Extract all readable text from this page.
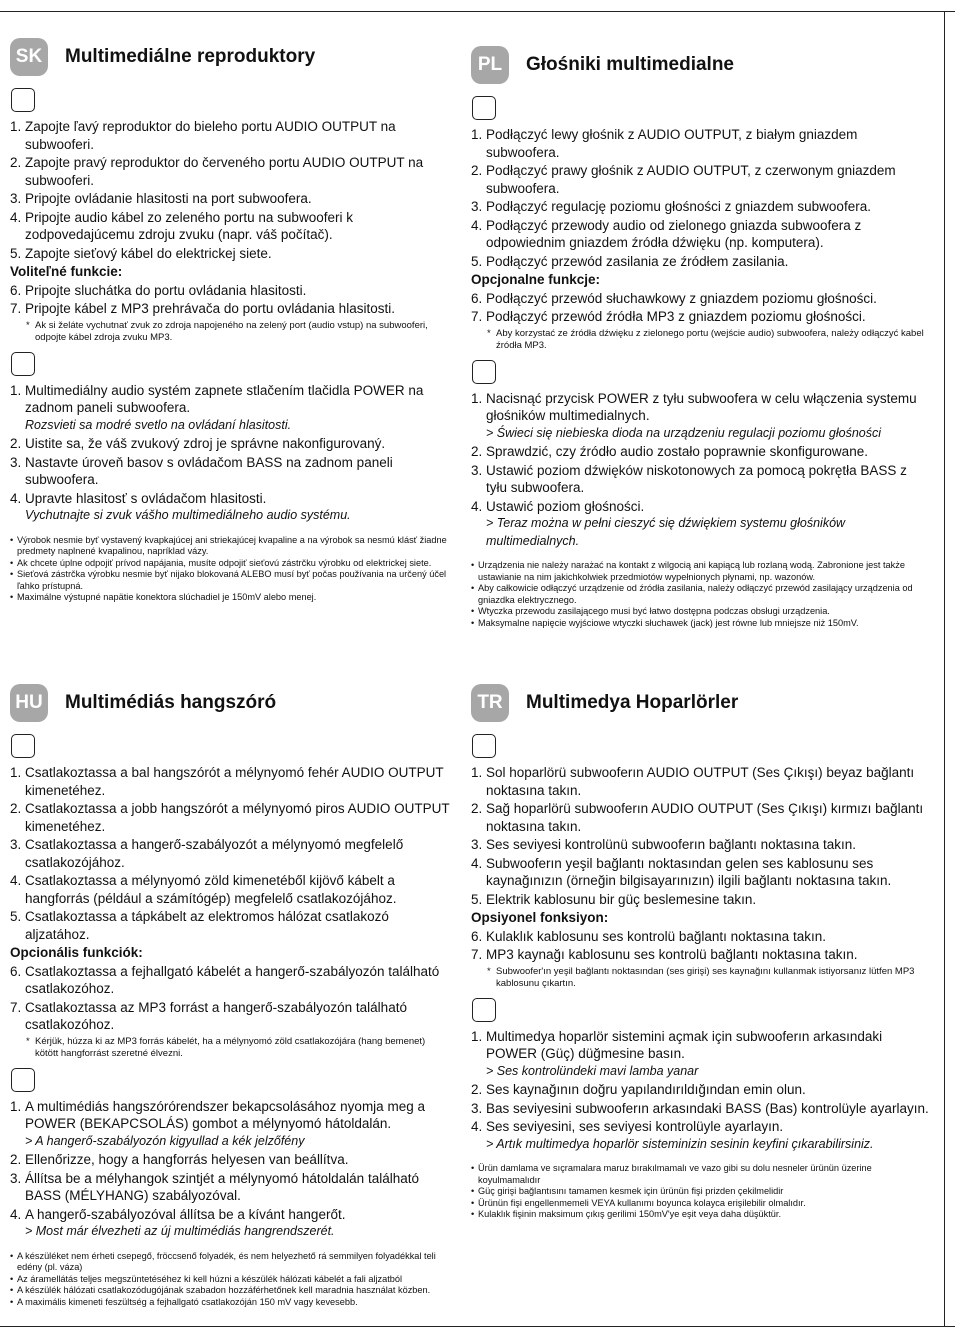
SK	Multimediálne reproduktory
1. Zapojte ľavý reproduktor do bieleho portu AUDIO OUTPUT na subwooferi.
2. Zapojte pravý reproduktor do červeného portu AUDIO OUTPUT na subwooferi.
3. Pripojte ovládanie hlasitosti na port subwoofera.
4. Pripojte audio kábel zo zeleného portu na subwooferi k zodpovedajúcemu zdroju zvuku (napr. váš počítač).
5. Zapojte sieťový kábel do elektrickej siete.
Voliteľné funkcie:
6. Pripojte sluchátka do portu ovládania hlasitosti.
7. Pripojte kábel z MP3 prehrávača do portu ovládania hlasitosti.
* Ak si želáte vychutnať zvuk zo zdroja napojeného na zelený port (audio vstup) na subwooferi, odpojte kábel zdroja zvuku MP3.
1. Multimediálny audio systém zapnete stlačením tlačidla POWER na zadnom paneli subwoofera.
Rozsvieti sa modré svetlo na ovládaní hlasitosti.
2. Uistite sa, že váš zvukový zdroj je správne nakonfigurovaný.
3. Nastavte úroveň basov s ovládačom BASS na zadnom paneli subwoofera.
4. Upravte hlasitosť s ovládačom hlasitosti.
Vychutnajte si zvuk vášho multimediálneho audio systému.
• Výrobok nesmie byť vystavený kvapkajúcej ani striekajúcej kvapaline a na výrobok sa nesmú klásť žiadne predmety naplnené kvapalinou, napríklad vázy.
• Ak chcete úplne odpojiť prívod napájania, musíte odpojiť sieťovú zástrčku výrobku od elektrickej siete.
• Sieťová zástrčka výrobku nesmie byť nijako blokovaná ALEBO musí byť počas používania na určený účel ľahko prístupná.
• Maximálne výstupné napätie konektora slúchadiel je 150mV alebo menej.
PL	Głośniki multimedialne
1. Podłączyć lewy głośnik z AUDIO OUTPUT, z białym gniazdem subwoofera.
2. Podłączyć prawy głośnik z AUDIO OUTPUT, z czerwonym gniazdem subwoofera.
3. Podłączyć regulację poziomu głośności z gniazdem subwoofera.
4. Podłączyć przewody audio od zielonego gniazda subwoofera z odpowiednim gniazdem źródła dźwięku (np. komputera).
5. Podłączyć przewód zasilania ze źródłem zasilania.
Opcjonalne funkcje:
6. Podłączyć przewód słuchawkowy z gniazdem poziomu głośności.
7. Podłączyć przewód źródła MP3 z gniazdem poziomu głośności.
* Aby korzystać ze źródła dźwięku z zielonego portu (wejście audio) subwoofera, należy odłączyć kabel źródła MP3.
1. Nacisnąć przycisk POWER z tyłu subwoofera w celu włączenia systemu głośników multimedialnych.
> Świeci się niebieska dioda na urządzeniu regulacji poziomu głośności
2. Sprawdzić, czy źródło audio zostało poprawnie skonfigurowane.
3. Ustawić poziom dźwięków niskotonowych za pomocą pokrętła BASS z tyłu subwoofera.
4. Ustawić poziom głośności.
> Teraz można w pełni cieszyć się dźwiękiem systemu głośników multimedialnych.
• Urządzenia nie należy narażać na kontakt z wilgocią ani kapiącą lub rozlaną wodą. Zabronione jest także ustawianie na nim jakichkolwiek przedmiotów wypełnionych płynami, np. wazonów.
• Aby całkowicie odłączyć urządzenie od źródła zasilania, należy odłączyć przewód zasilający urządzenia od gniazdka elektrycznego.
• Wtyczka przewodu zasilającego musi być łatwo dostępna podczas obsługi urządzenia.
• Maksymalne napięcie wyjściowe wtyczki słuchawek (jack) jest równe lub mniejsze niż 150mV.
HU Multimédiás hangszóró
1. Csatlakoztassa a bal hangszórót a mélynyomó fehér AUDIO OUTPUT kimenetéhez.
2. Csatlakoztassa a jobb hangszórót a mélynyomó piros AUDIO OUTPUT kimenetéhez.
3. Csatlakoztassa a hangerő-szabályozót a mélynyomó megfelelő csatlakozójához.
4. Csatlakoztassa a mélynyomó zöld kimenetéből kijövő kábelt a hangforrás (például a számítógép) megfelelő csatlakozójához.
5. Csatlakoztassa a tápkábelt az elektromos hálózat csatlakozó aljzatához.
Opcionális funkciók:
6. Csatlakoztassa a fejhallgató kábelét a hangerő-szabályozón található csatlakozóhoz.
7. Csatlakoztassa az MP3 forrást a hangerő-szabályozón található csatlakozóhoz.
* Kérjük, húzza ki az MP3 forrás kábelét, ha a mélynyomó zöld csatlakozójára (hang bemenet) kötött hangforrást szeretné élvezni.
1. A multimédiás hangszórórendszer bekapcsolásához nyomja meg a POWER (BEKAPCSOLÁS) gombot a mélynyomó hátoldalán.
> A hangerő-szabályozón kigyullad a kék jelzőfény
2. Ellenőrizze, hogy a hangforrás helyesen van beállítva.
3. Állítsa be a mélyhangok szintjét a mélynyomó hátoldalán található BASS (MÉLYHANG) szabályozóval.
4. A hangerő-szabályozóval állítsa be a kívánt hangerőt.
> Most már élvezheti az új multimédiás hangrendszerét.
• A készüléket nem érheti csepegő, fröccsenő folyadék, és nem helyezhető rá semmilyen folyadékkal teli edény (pl. váza)
• Az áramellátás teljes megszüntetéséhez ki kell húzni a készülék hálózati kábelét a fali aljzatból
• A készülék hálózati csatlakozódugójának szabadon hozzáférhetőnek kell maradnia használat közben.
• A maximális kimeneti feszültség a fejhallgató csatlakozóján 150 mV vagy kevesebb.
TR	Multimedya Hoparlörler
1. Sol hoparlörü subwooferın AUDIO OUTPUT (Ses Çıkışı) beyaz bağlantı noktasına takın.
2. Sağ hoparlörü subwooferın AUDIO OUTPUT (Ses Çıkışı) kırmızı bağlantı noktasına takın.
3. Ses seviyesi kontrolünü subwooferın bağlantı noktasına takın.
4. Subwooferın yeşil bağlantı noktasından gelen ses kablosunu ses kaynağınızın (örneğin bilgisayarınızın) ilgili bağlantı noktasına takın.
5. Elektrik kablosunu bir güç beslemesine takın.
Opsiyonel fonksiyon:
6. Kulaklık kablosunu ses kontrolü bağlantı noktasına takın.
7. MP3 kaynağı kablosunu ses kontrolü bağlantı noktasına takın.
* Subwoofer'ın yeşil bağlantı noktasından (ses girişi) ses kaynağını kullanmak istiyorsanız lütfen MP3 kablosunu çıkartın.
1. Multimedya hoparlör sistemini açmak için subwooferın arkasındaki POWER (Güç) düğmesine basın.
> Ses kontrolündeki mavi lamba yanar
2. Ses kaynağının doğru yapılandırıldığından emin olun.
3. Bas seviyesini subwooferın arkasındaki BASS (Bas) kontrolüyle ayarlayın.
4. Ses seviyesini, ses seviyesi kontrolüyle ayarlayın.
> Artık multimedya hoparlör sisteminizin sesinin keyfini çıkarabilirsiniz.
• Ürün damlama ve sıçramalara maruz bırakılmamalı ve vazo gibi su dolu nesneler ürünün üzerine koyulmamalıdır
• Güç girişi bağlantısını tamamen kesmek için ürünün fişi prizden çekilmelidir
• Ürünün fişi engellenmemeli VEYA kullanımı boyunca kolayca erişilebilir olmalıdır.
• Kulaklık fişinin maksimum çıkış gerilimi 150mV'ye eşit veya daha düşüktür.
